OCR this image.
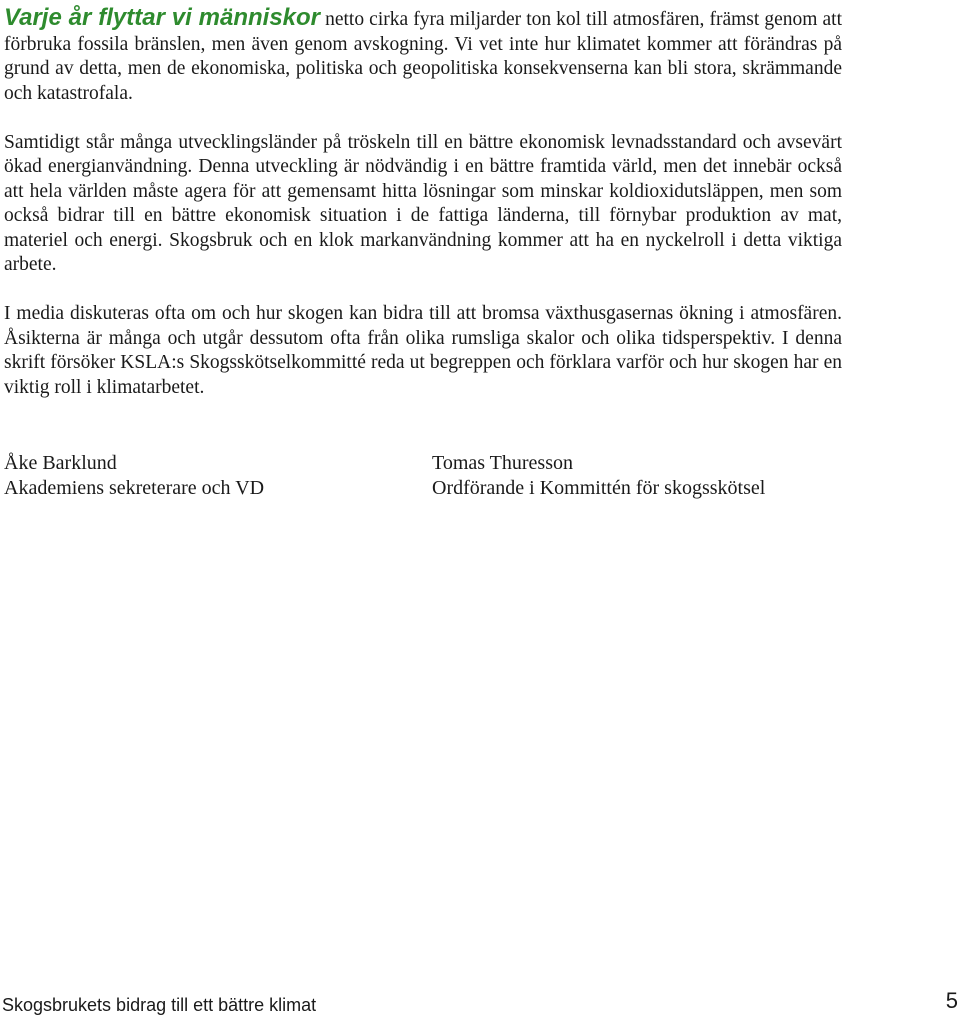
Varje år flyttar vi människor netto cirka fyra miljarder ton kol till atmosfären, främst genom att förbruka fossila bränslen, men även genom avskogning. Vi vet inte hur klimatet kommer att förändras på grund av detta, men de ekonomiska, politiska och geopolitiska konsekvenserna kan bli stora, skrämmande och katastrofala.

Samtidigt står många utvecklingsländer på tröskeln till en bättre ekonomisk levnadsstandard och avsevärt ökad energianvändning. Denna utveckling är nödvändig i en bättre framtida värld, men det innebär också att hela världen måste agera för att gemensamt hitta lösningar som minskar koldioxidutsläppen, men som också bidrar till en bättre ekonomisk situation i de fattiga länderna, till förnybar produktion av mat, materiel och energi. Skogsbruk och en klok markanvändning kommer att ha en nyckelroll i detta viktiga arbete.

I media diskuteras ofta om och hur skogen kan bidra till att bromsa växthusgasernas ökning i atmosfären. Åsikterna är många och utgår dessutom ofta från olika rumsliga skalor och olika tidsperspektiv. I denna skrift försöker KSLA:s Skogsskötselkommitté reda ut begreppen och förklara varför och hur skogen har en viktig roll i klimatarbetet.

Åke Barklund
Akademiens sekreterare och VD
Tomas Thuresson
Ordförande i Kommittén för skogsskötsel
Skogsbrukets bidrag till ett bättre klimat	5
